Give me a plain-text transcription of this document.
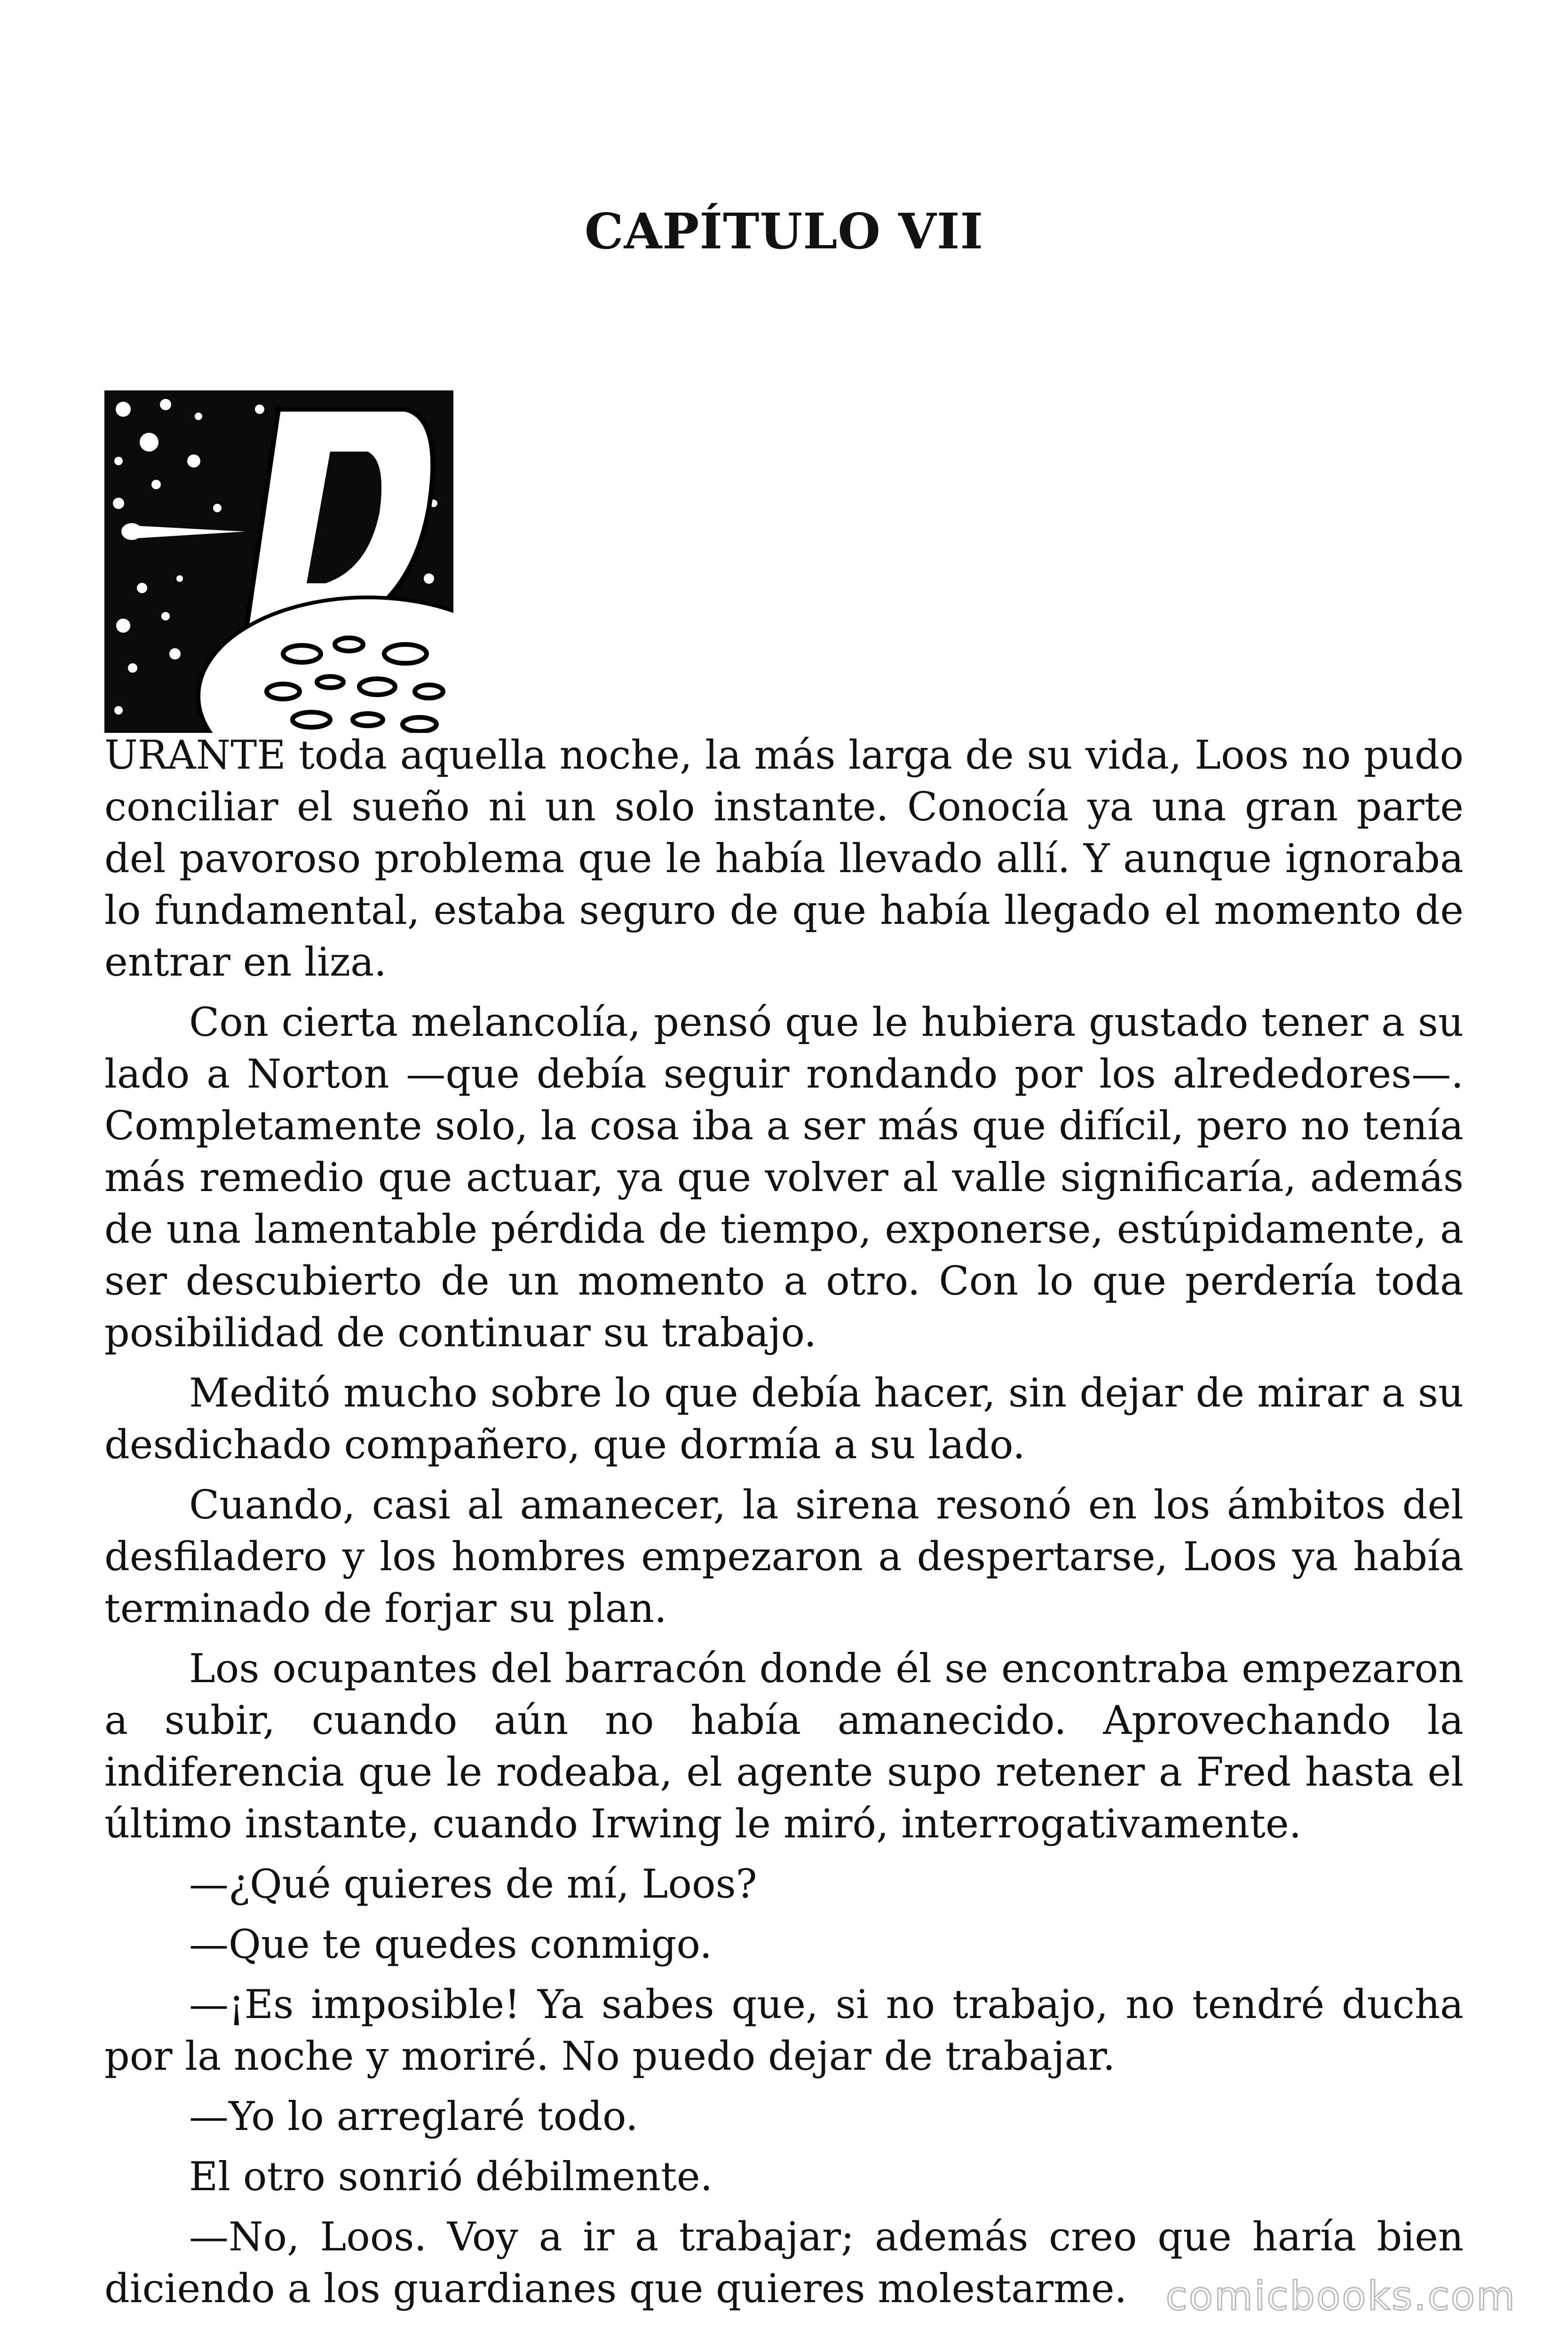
CAPÍTULO VII

URANTE toda aquella noche, la más larga de su vida, Loos no pudo conciliar el sueño ni un solo instante. Conocía ya una gran parte del pavoroso problema que le había llevado allí. Y aunque ignoraba lo fundamental, estaba seguro de que había llegado el momento de entrar en liza.

Con cierta melancolía, pensó que le hubiera gustado tener a su lado a Norton —que debía seguir rondando por los alrededores—. Completamente solo, la cosa iba a ser más que difícil, pero no tenía más remedio que actuar, ya que volver al valle significaría, además de una lamentable pérdida de tiempo, exponerse, estúpidamente, a ser descubierto de un momento a otro. Con lo que perdería toda posibilidad de continuar su trabajo.

Meditó mucho sobre lo que debía hacer, sin dejar de mirar a su desdichado compañero, que dormía a su lado.

Cuando, casi al amanecer, la sirena resonó en los ámbitos del desfiladero y los hombres empezaron a despertarse, Loos ya había terminado de forjar su plan.

Los ocupantes del barracón donde él se encontraba empezaron a subir, cuando aún no había amanecido. Aprovechando la indiferencia que le rodeaba, el agente supo retener a Fred hasta el último instante, cuando Irwing le miró, interrogativamente.

—¿Qué quieres de mí, Loos?

—Que te quedes conmigo.

—¡Es imposible! Ya sabes que, si no trabajo, no tendré ducha por la noche y moriré. No puedo dejar de trabajar.

—Yo lo arreglaré todo.

El otro sonrió débilmente.

—No, Loos. Voy a ir a trabajar; además creo que haría bien diciendo a los guardianes que quieres molestarme. comicbooks.com
